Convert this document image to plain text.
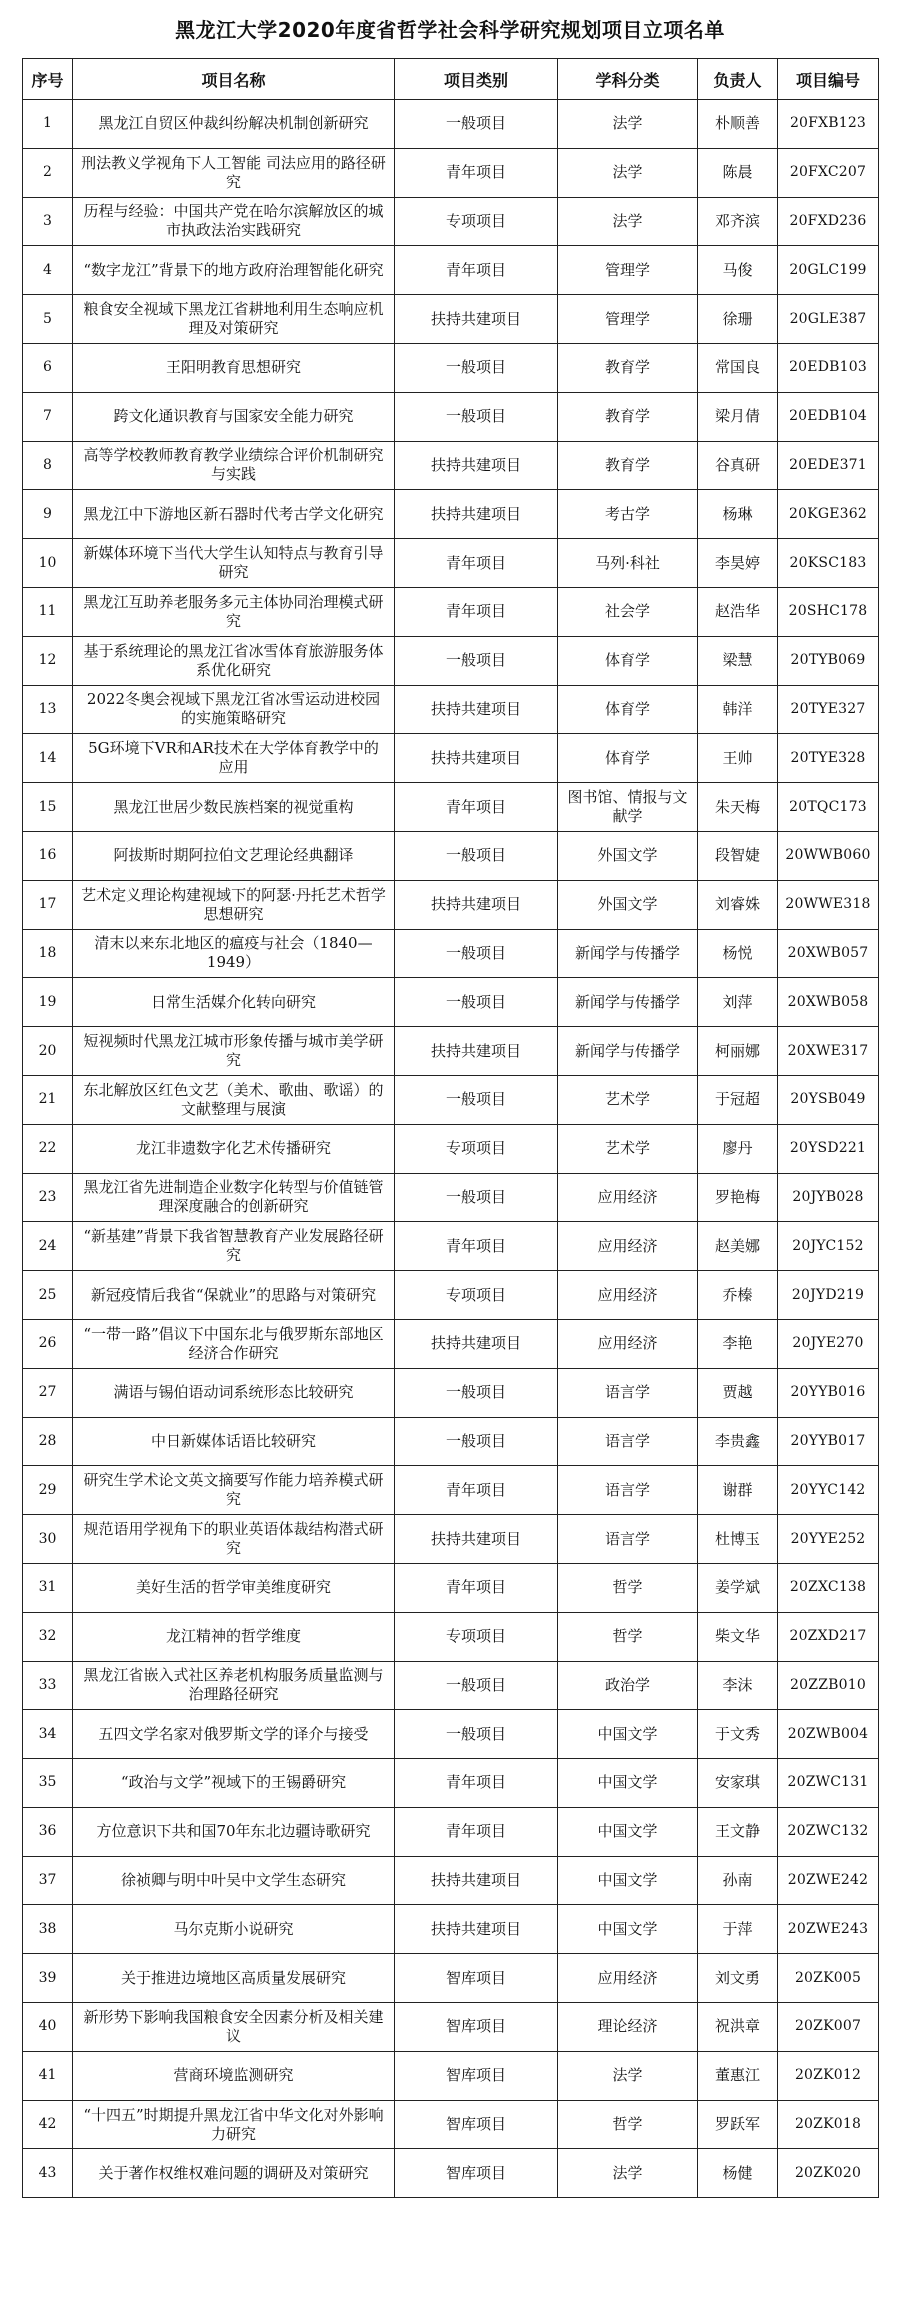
黑龙江大学2020年度省哲学社会科学研究规划项目立项名单
序号	项目名称	项目类别	学科分类	负责人	项目编号
1	黑龙江自贸区仲裁纠纷解决机制创新研究	一般项目	法学	朴顺善	20FXB123
2	刑法教义学视角下人工智能 司法应用的路径研究	青年项目	法学	陈晨	20FXC207
3	历程与经验：中国共产党在哈尔滨解放区的城市执政法治实践研究	专项项目	法学	邓齐滨	20FXD236
4	“数字龙江”背景下的地方政府治理智能化研究	青年项目	管理学	马俊	20GLC199
5	粮食安全视域下黑龙江省耕地利用生态响应机理及对策研究	扶持共建项目	管理学	徐珊	20GLE387
6	王阳明教育思想研究	一般项目	教育学	常国良	20EDB103
7	跨文化通识教育与国家安全能力研究	一般项目	教育学	梁月倩	20EDB104
8	高等学校教师教育教学业绩综合评价机制研究与实践	扶持共建项目	教育学	谷真研	20EDE371
9	黑龙江中下游地区新石器时代考古学文化研究	扶持共建项目	考古学	杨琳	20KGE362
10	新媒体环境下当代大学生认知特点与教育引导研究	青年项目	马列·科社	李昊婷	20KSC183
11	黑龙江互助养老服务多元主体协同治理模式研究	青年项目	社会学	赵浩华	20SHC178
12	基于系统理论的黑龙江省冰雪体育旅游服务体系优化研究	一般项目	体育学	梁慧	20TYB069
13	2022冬奥会视域下黑龙江省冰雪运动进校园的实施策略研究	扶持共建项目	体育学	韩洋	20TYE327
14	5G环境下VR和AR技术在大学体育教学中的应用	扶持共建项目	体育学	王帅	20TYE328
15	黑龙江世居少数民族档案的视觉重构	青年项目	图书馆、情报与文献学	朱天梅	20TQC173
16	阿拔斯时期阿拉伯文艺理论经典翻译	一般项目	外国文学	段智婕	20WWB060
17	艺术定义理论构建视域下的阿瑟·丹托艺术哲学思想研究	扶持共建项目	外国文学	刘睿姝	20WWE318
18	清末以来东北地区的瘟疫与社会（1840—1949）	一般项目	新闻学与传播学	杨悦	20XWB057
19	日常生活媒介化转向研究	一般项目	新闻学与传播学	刘萍	20XWB058
20	短视频时代黑龙江城市形象传播与城市美学研究	扶持共建项目	新闻学与传播学	柯丽娜	20XWE317
21	东北解放区红色文艺（美术、歌曲、歌谣）的文献整理与展演	一般项目	艺术学	于冠超	20YSB049
22	龙江非遗数字化艺术传播研究	专项项目	艺术学	廖丹	20YSD221
23	黑龙江省先进制造企业数字化转型与价值链管理深度融合的创新研究	一般项目	应用经济	罗艳梅	20JYB028
24	“新基建”背景下我省智慧教育产业发展路径研究	青年项目	应用经济	赵美娜	20JYC152
25	新冠疫情后我省“保就业”的思路与对策研究	专项项目	应用经济	乔榛	20JYD219
26	“一带一路”倡议下中国东北与俄罗斯东部地区经济合作研究	扶持共建项目	应用经济	李艳	20JYE270
27	满语与锡伯语动词系统形态比较研究	一般项目	语言学	贾越	20YYB016
28	中日新媒体话语比较研究	一般项目	语言学	李贵鑫	20YYB017
29	研究生学术论文英文摘要写作能力培养模式研究	青年项目	语言学	谢群	20YYC142
30	规范语用学视角下的职业英语体裁结构潜式研究	扶持共建项目	语言学	杜博玉	20YYE252
31	美好生活的哲学审美维度研究	青年项目	哲学	姜学斌	20ZXC138
32	龙江精神的哲学维度	专项项目	哲学	柴文华	20ZXD217
33	黑龙江省嵌入式社区养老机构服务质量监测与治理路径研究	一般项目	政治学	李沫	20ZZB010
34	五四文学名家对俄罗斯文学的译介与接受	一般项目	中国文学	于文秀	20ZWB004
35	“政治与文学”视域下的王锡爵研究	青年项目	中国文学	安家琪	20ZWC131
36	方位意识下共和国70年东北边疆诗歌研究	青年项目	中国文学	王文静	20ZWC132
37	徐祯卿与明中叶吴中文学生态研究	扶持共建项目	中国文学	孙南	20ZWE242
38	马尔克斯小说研究	扶持共建项目	中国文学	于萍	20ZWE243
39	关于推进边境地区高质量发展研究	智库项目	应用经济	刘文勇	20ZK005
40	新形势下影响我国粮食安全因素分析及相关建议	智库项目	理论经济	祝洪章	20ZK007
41	营商环境监测研究	智库项目	法学	董惠江	20ZK012
42	“十四五”时期提升黑龙江省中华文化对外影响力研究	智库项目	哲学	罗跃军	20ZK018
43	关于著作权维权难问题的调研及对策研究	智库项目	法学	杨健	20ZK020
